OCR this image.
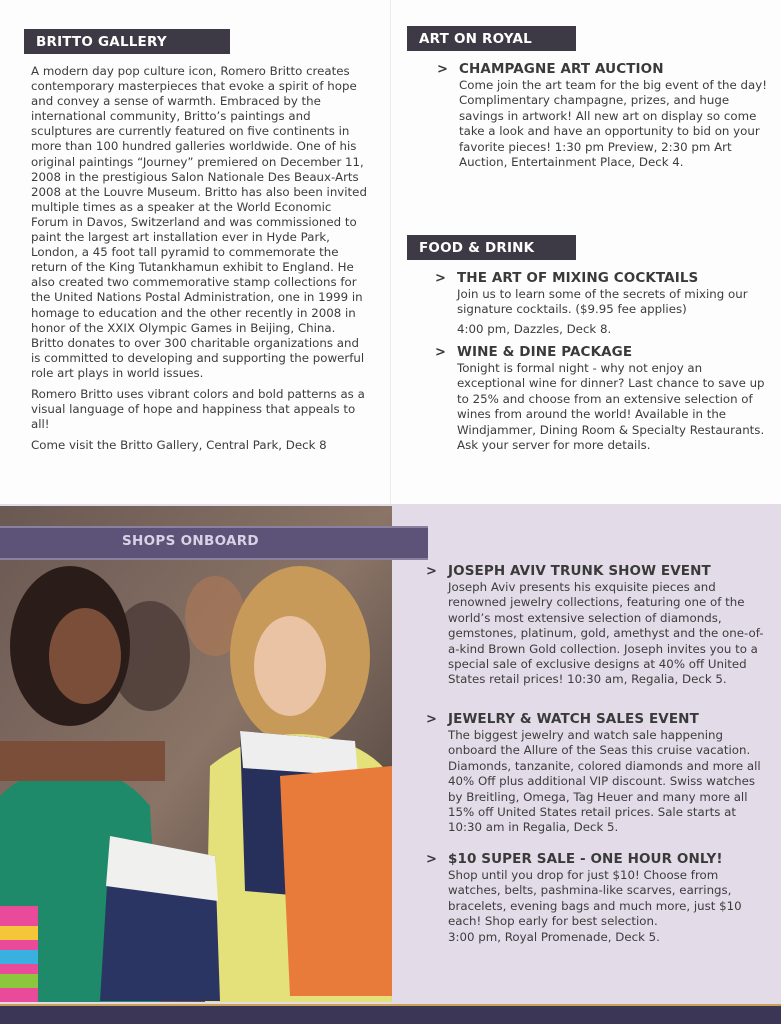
BRITTO GALLERY

A modern day pop culture icon, Romero Britto creates contemporary masterpieces that evoke a spirit of hope and convey a sense of warmth. Embraced by the international community, Britto’s paintings and sculptures are currently featured on five continents in more than 100 hundred galleries worldwide. One of his original paintings “Journey” premiered on December 11, 2008 in the prestigious Salon Nationale Des Beaux-Arts 2008 at the Louvre Museum. Britto has also been invited multiple times as a speaker at the World Economic Forum in Davos, Switzerland and was commissioned to paint the largest art installation ever in Hyde Park, London, a 45 foot tall pyramid to commemorate the return of the King Tutankhamun exhibit to England. He also created two commemorative stamp collections for the United Nations Postal Administration, one in 1999 in homage to education and the other recently in 2008 in honor of the XXIX Olympic Games in Beijing, China. Britto donates to over 300 charitable organizations and is committed to developing and supporting the powerful role art plays in world issues.

Romero Britto uses vibrant colors and bold patterns as a visual language of hope and happiness that appeals to all!

Come visit the Britto Gallery, Central Park, Deck 8

ART ON ROYAL
> CHAMPAGNE ART AUCTION
Come join the art team for the big event of the day! Complimentary champagne, prizes, and huge savings in artwork! All new art on display so come take a look and have an opportunity to bid on your favorite pieces! 1:30 pm Preview, 2:30 pm Art Auction, Entertainment Place, Deck 4.
FOOD & DRINK
> THE ART OF MIXING COCKTAILS
Join us to learn some of the secrets of mixing our signature cocktails. ($9.95 fee applies)
4:00 pm, Dazzles, Deck 8.
> WINE & DINE PACKAGE
Tonight is formal night - why not enjoy an exceptional wine for dinner? Last chance to save up to 25% and choose from an extensive selection of wines from around the world! Available in the Windjammer, Dining Room & Specialty Restaurants. Ask your server for more details.
SHOPS ONBOARD
> JOSEPH AVIV TRUNK SHOW EVENT
Joseph Aviv presents his exquisite pieces and renowned jewelry collections, featuring one of the world’s most extensive selection of diamonds, gemstones, platinum, gold, amethyst and the one-of-a-kind Brown Gold collection. Joseph invites you to a special sale of exclusive designs at 40% off United States retail prices! 10:30 am, Regalia, Deck 5.
> JEWELRY & WATCH SALES EVENT
The biggest jewelry and watch sale happening onboard the Allure of the Seas this cruise vacation. Diamonds, tanzanite, colored diamonds and more all 40% Off plus additional VIP discount. Swiss watches by Breitling, Omega, Tag Heuer and many more all 15% off United States retail prices. Sale starts at 10:30 am in Regalia, Deck 5.
> $10 SUPER SALE - ONE HOUR ONLY!
Shop until you drop for just $10! Choose from watches, belts, pashmina-like scarves, earrings, bracelets, evening bags and much more, just $10 each! Shop early for best selection.
3:00 pm, Royal Promenade, Deck 5.
